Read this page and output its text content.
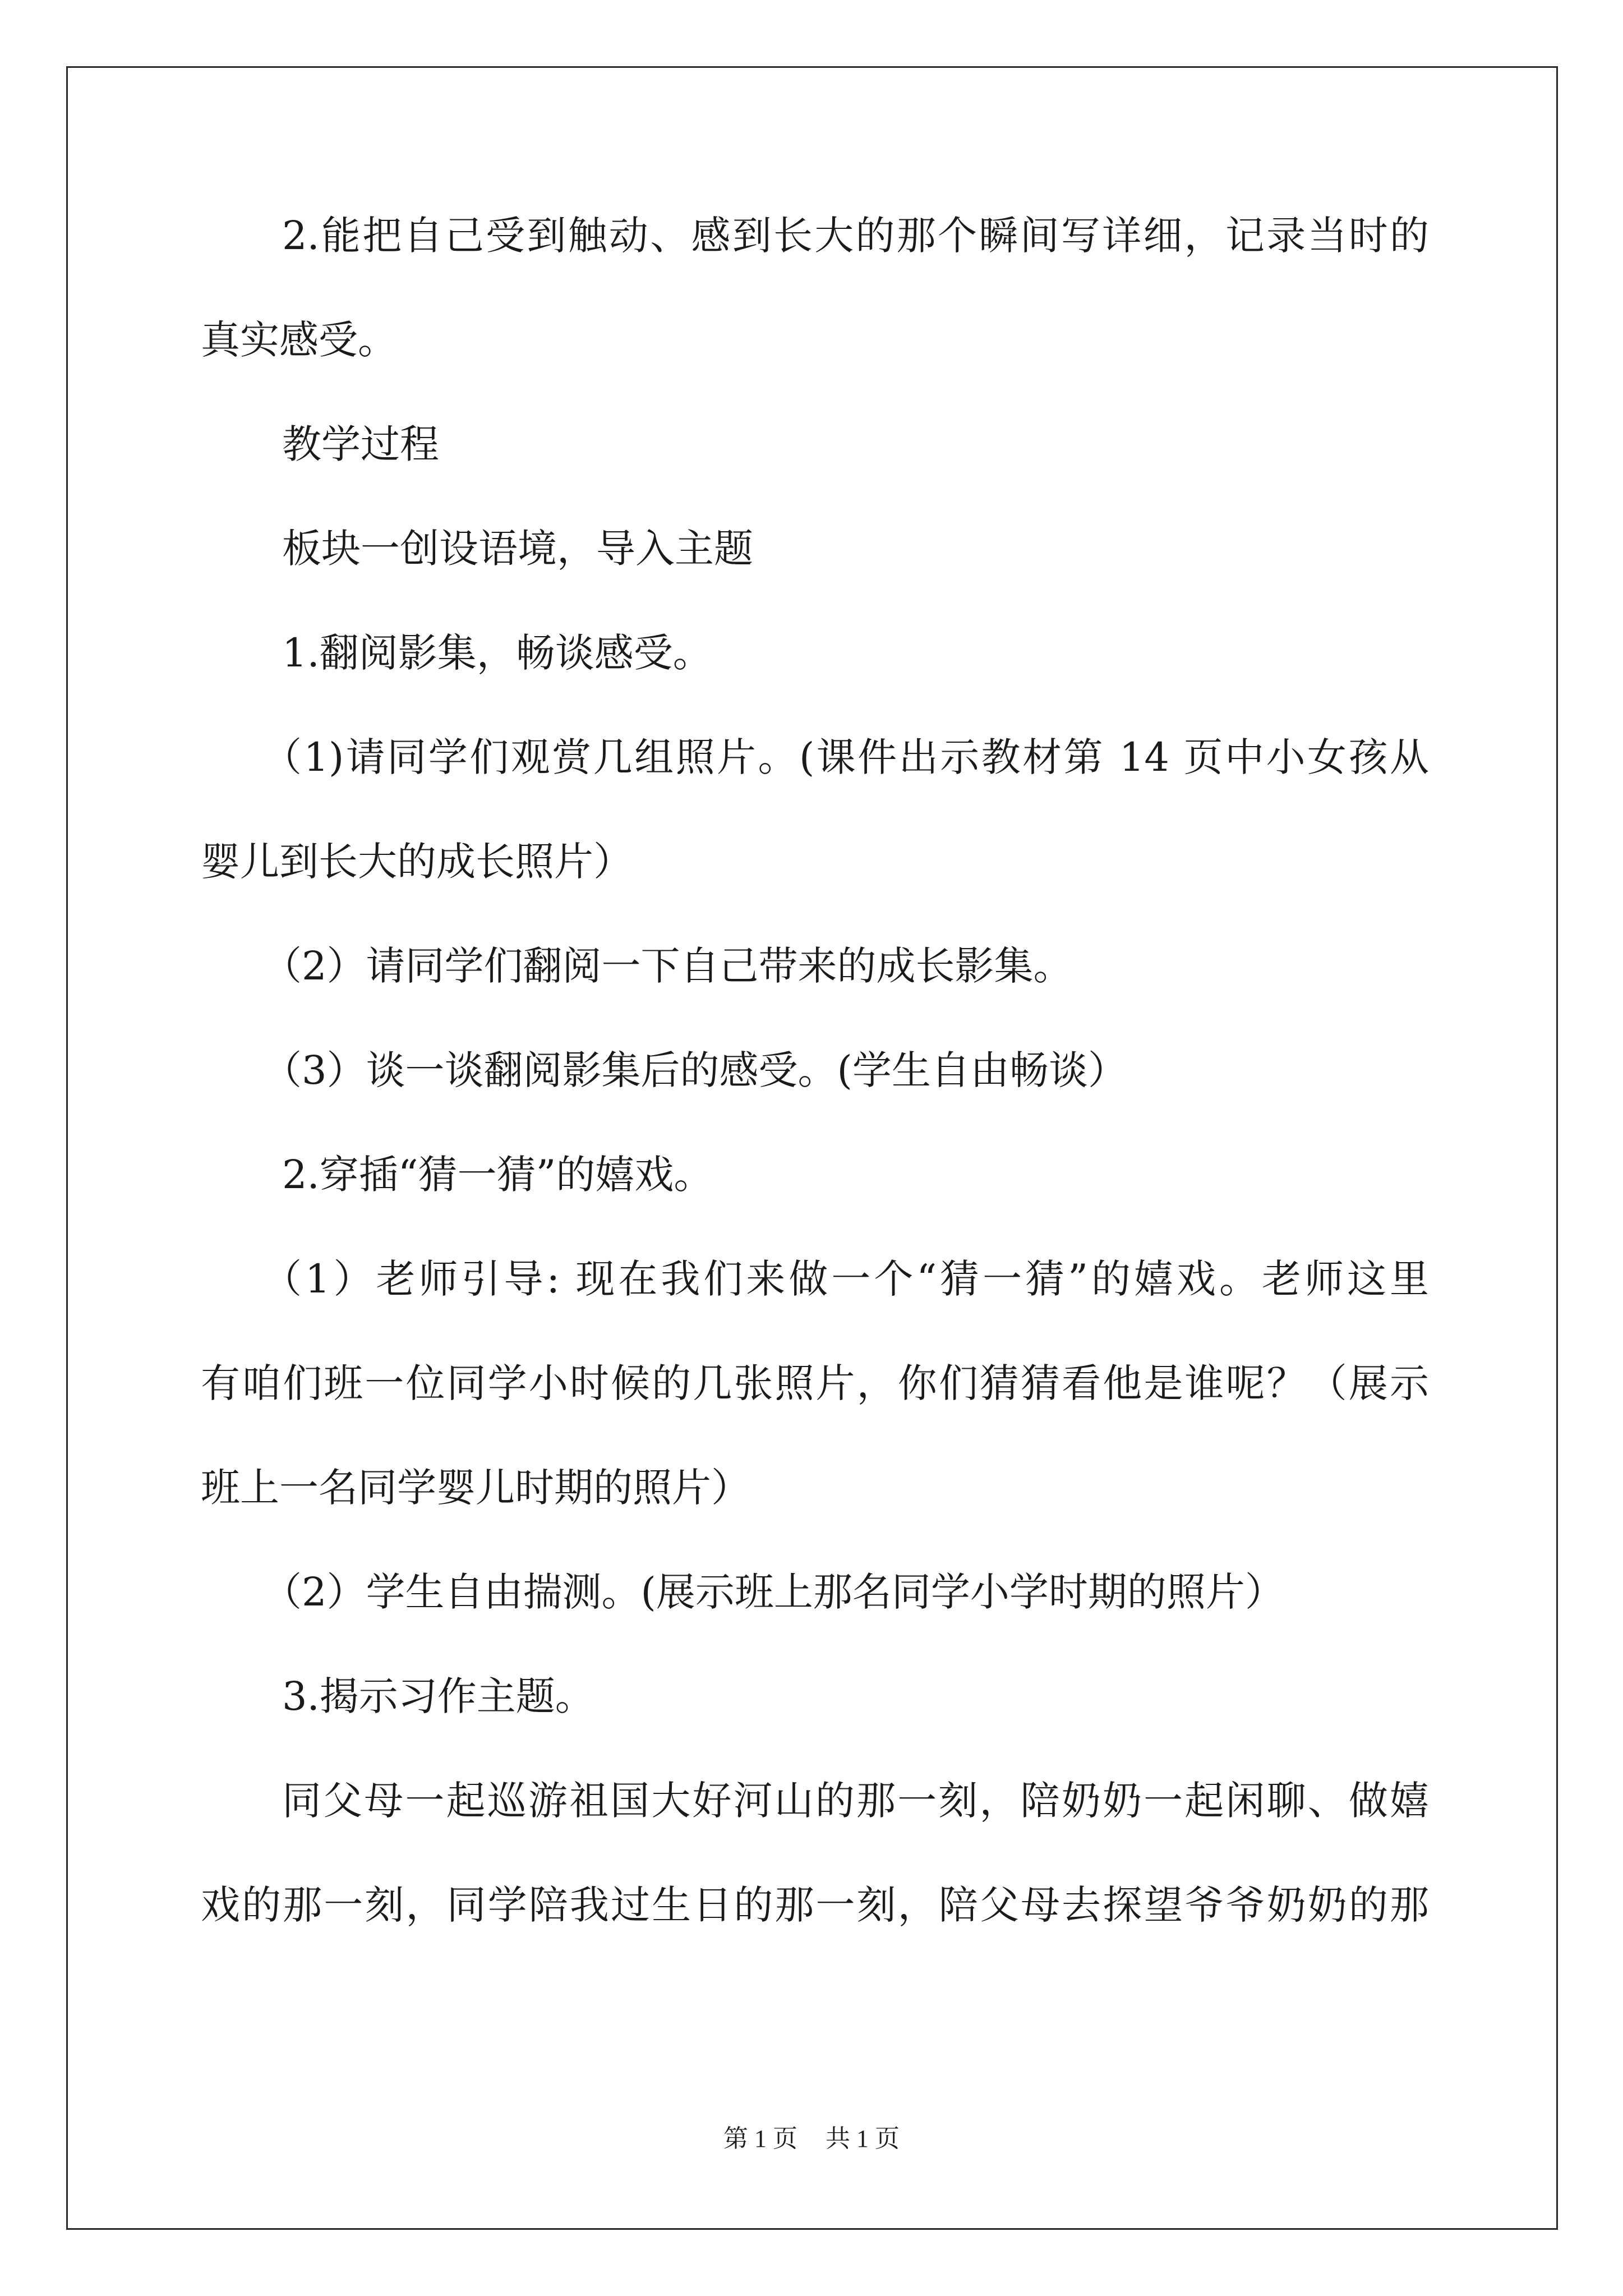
2.能把自己受到触动、感到长大的那个瞬间写详细，记录当时的
真实感受。
教学过程
板块一创设语境，导入主题
1.翻阅影集，畅谈感受。
（1)请同学们观赏几组照片。(课件出示教材第 14 页中小女孩从
婴儿到长大的成长照片）
（2）请同学们翻阅一下自己带来的成长影集。
（3）谈一谈翻阅影集后的感受。(学生自由畅谈）
2.穿插“猜一猜”的嬉戏。
（1）老师引导: 现在我们来做一个“猜一猜”的嬉戏。老师这里
有咱们班一位同学小时候的几张照片，你们猜猜看他是谁呢？（展示
班上一名同学婴儿时期的照片）
（2）学生自由揣测。(展示班上那名同学小学时期的照片）
3.揭示习作主题。
同父母一起巡游祖国大好河山的那一刻，陪奶奶一起闲聊、做嬉
戏的那一刻，同学陪我过生日的那一刻，陪父母去探望爷爷奶奶的那
第 1 页 共 1 页
